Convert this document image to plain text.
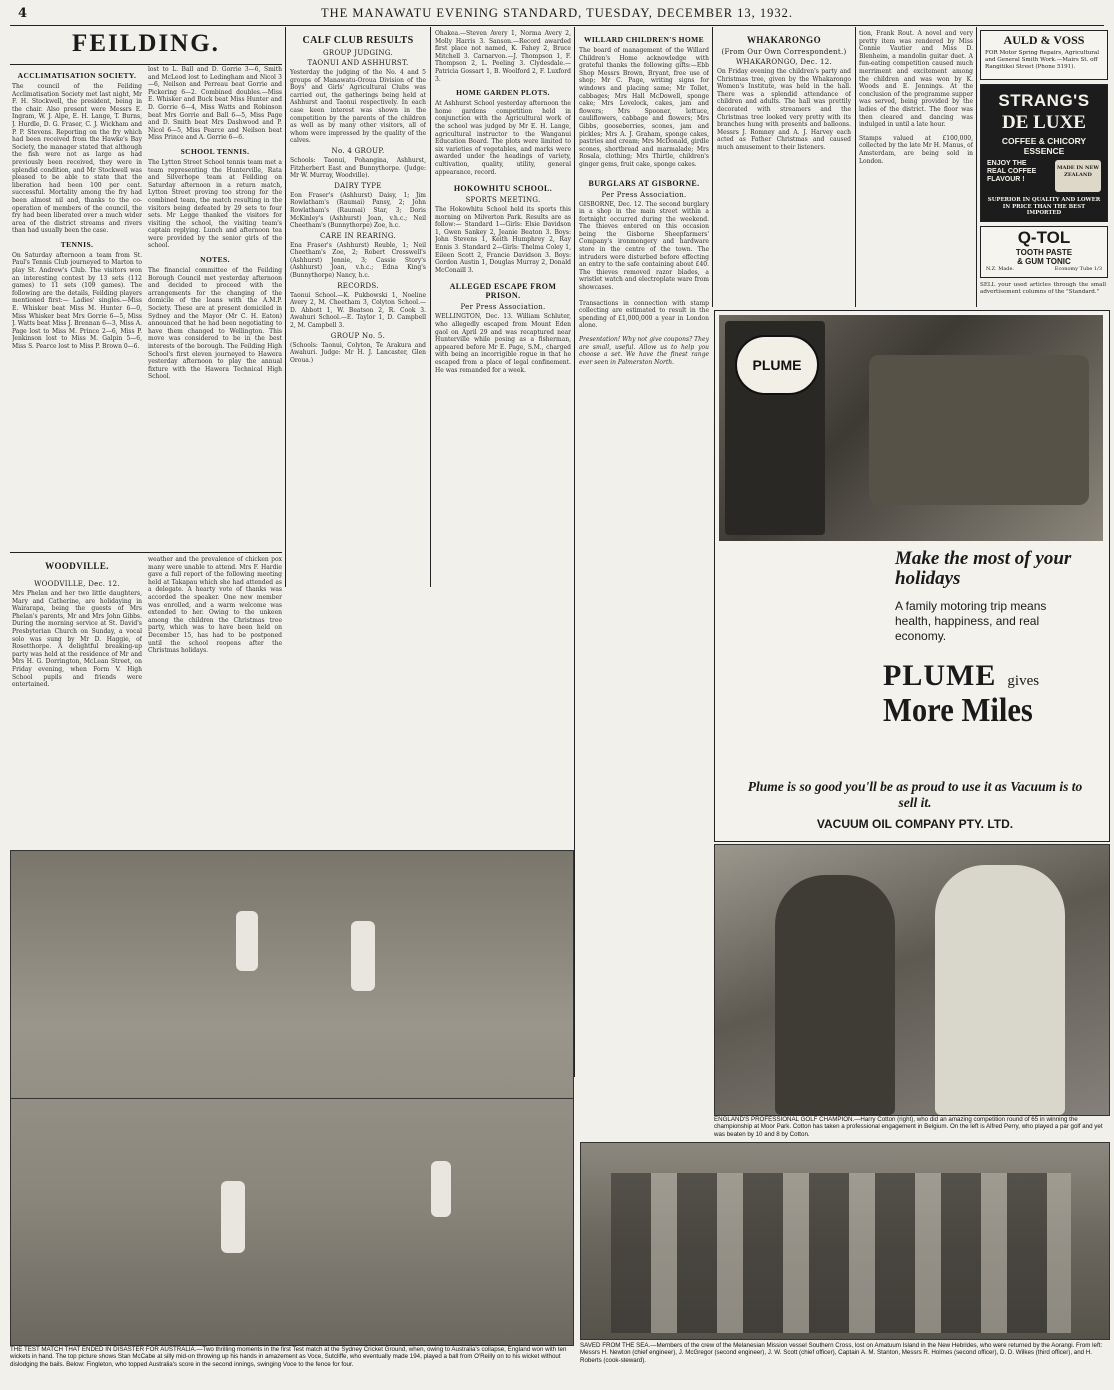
4	THE MANAWATU EVENING STANDARD, TUESDAY, DECEMBER 13, 1932.
FEILDING.
ACCLIMATISATION SOCIETY.

The council of the Feilding Acclimatisation Society met last night, Mr F. H. Stockwell, the president, being in the chair. Also present were Messrs E. Ingram, W. J. Alpe, E. H. Lange, T. Burns, J. Hurdle, D. G. Fraser, C. J. Wickham and P. P. Stevens. Reporting on the fry which had been received from the Hawke's Bay Society, the manager stated that although the fish were not as large as had previously been received, they were in splendid condition, and Mr Stockwell was pleased to be able to state that the liberation had been 100 per cent. successful. Mortality among the fry had been almost nil and, thanks to the co-operation of members of the council, the fry had been liberated over a much wider area of the district streams and rivers than had usually been the case.

TENNIS.

On Saturday afternoon a team from St. Paul's Tennis Club journeyed to Marton to play St. Andrew's Club. The visitors won an interesting contest by 13 sets (112 games) to 11 sets (109 games). The following are the details, Feilding players mentioned first:— Ladies' singles.—Miss E. Whisker beat Miss M. Hunter 6—0, Miss Whisker beat Mrs Gorrie 6—5, Miss J. Watts beat Miss J. Brennan 6—3, Miss A. Page lost to Miss M. Prince 2—6, Miss P. Jenkinson lost to Miss M. Galpin 5—6, Miss S. Pearce lost to Miss P. Brown 0—6.

lost to L. Ball and D. Gorrie 3—6, Smith and McLeod lost to Ledingham and Nicol 3—6, Neilson and Perreau beat Gorrie and Pickering 6—2. Combined doubles.—Miss E. Whisker and Buck beat Miss Hunter and D. Gorrie 6—4, Miss Watts and Robinson beat Mrs Gorrie and Ball 6—5, Miss Page and D. Smith beat Mrs Dashwood and P. Nicol 6—5, Miss Pearce and Neilson beat Miss Prince and A. Gorrie 6—6.

SCHOOL TENNIS.

The Lytton Street School tennis team met a team representing the Hunterville, Rata and Silverhope team at Feilding on Saturday afternoon in a return match, Lytton Street proving too strong for the combined team, the match resulting in the visitors being defeated by 29 sets to four sets. Mr Legge thanked the visitors for visiting the school, the visiting team's captain replying. Lunch and afternoon tea were provided by the senior girls of the school.

NOTES.

The financial committee of the Feilding Borough Council met yesterday afternoon and decided to proceed with the arrangements for the changing of the domicile of the loans with the A.M.P. Society. These are at present domiciled in Sydney and the Mayor (Mr C. H. Eaton) announced that he had been negotiating to have them changed to Wellington. This move was considered to be in the best interests of the borough. The Feilding High School's first eleven journeyed to Hawera yesterday afternoon to play the annual fixture with the Hawera Technical High School.

WOODVILLE.
WOODVILLE, Dec. 12.

Mrs Phelan and her two little daughters, Mary and Catherine, are holidaying in Wairarapa, being the guests of Mrs Phelan's parents, Mr and Mrs John Gibbs. During the morning service at St. David's Presbyterian Church on Sunday, a vocal solo was sung by Mr D. Haggie, of Rosetthorpe. A delightful breaking-up party was held at the residence of Mr and Mrs H. G. Dorrington, McLean Street, on Friday evening, when Form V. High School pupils and friends were entertained.

weather and the prevalence of chicken pox many were unable to attend. Mrs F. Hardie gave a full report of the following meeting held at Takapau which she had attended as a delegate. A hearty vote of thanks was accorded the speaker. One new member was enrolled, and a warm welcome was extended to her. Owing to the unkeen among the children the Christmas tree party, which was to have been held on December 15, has had to be postponed until the school reopens after the Christmas holidays.

CALF CLUB RESULTS
GROUP JUDGING.
TAONUI AND ASHHURST.

Yesterday the judging of the No. 4 and 5 groups of Manawatu-Oroua Division of the Boys' and Girls' Agricultural Clubs was carried out, the gatherings being held at Ashhurst and Taonui respectively. In each case keen interest was shown in the competition by the parents of the children as well as by many other visitors, all of whom were impressed by the quality of the calves.

No. 4 GROUP.

Schools: Taonui, Pohangina, Ashhurst, Fitzherbert East and Bunnythorpe. (Judge: Mr W. Murray, Woodville).

DAIRY TYPE

Eon Fraser's (Ashhurst) Daisy, 1; Jim Rowlatham's (Raumai) Pansy, 2; John Rowlatham's (Raumai) Star, 3; Doris McKinley's (Ashhurst) Joan, v.h.c.; Neil Cheetham's (Bunnythorpe) Zoe, h.c.

CARE IN REARING.

Ena Fraser's (Ashhurst) Reuble, 1; Neil Cheetham's Zoe, 2; Robert Cresswell's (Ashhurst) Jennie, 3; Cassie Story's (Ashhurst) Joan, v.h.c.; Edna King's (Bunnythorpe) Nancy, h.c.

RECORDS.

Taonui School.—K. Pukbowski 1, Noeline Avery 2, M. Cheetham 3, Colyton School.—D. Abbott 1, W. Beatson 2, R. Cook 3. Awahuri School.—E. Taylor 1, D. Campbell 2, M. Campbell 3.

GROUP No. 5.

(Schools: Taonui, Colyton, Te Arakura and Awahuri. Judge: Mr H. J. Lancaster, Glen Oroua.)

Ohakea.—Steven Avery 1, Norma Avery 2, Molly Harris 3. Sanson.—Record awarded first place not named, K. Fahey 2, Bruce Mitchell 3. Carnarvon.—J. Thompson 1, F. Thompson 2, L. Peeling 3. Clydesdale.—Patricia Gossart 1, B. Woolford 2, F. Luxford 3.

HOME GARDEN PLOTS.

At Ashhurst School yesterday afternoon the home gardens competition held in conjunction with the Agricultural work of the school was judged by Mr E. H. Lange, agricultural instructor to the Wanganui Education Board. The plots were limited to six varieties of vegetables, and marks were awarded under the headings of variety, cultivation, quality, utility, general appearance, record.

HOKOWHITU SCHOOL.
SPORTS MEETING.

The Hokowhitu School held its sports this morning on Milverton Park. Results are as follow:— Standard 1—Girls: Elsie Davidson 1, Gwen Sankey 2, Jeanie Beaton 3. Boys: John Stevens 1, Keith Humphrey 2, Ray Ennis 3. Standard 2—Girls: Thelma Coley 1, Eileen Scott 2, Francie Davidson 3. Boys: Gordon Austin 1, Douglas Murray 2, Donald McConaill 3.

ALLEGED ESCAPE FROM PRISON.
Per Press Association.

WELLINGTON, Dec. 13. William Schluter, who allegedly escaped from Mount Eden gaol on April 29 and was recaptured near Hunterville while posing as a fisherman, appeared before Mr E. Page, S.M., charged with being an incorrigible rogue in that he escaped from a place of legal confinement. He was remanded for a week.

WILLARD CHILDREN'S HOME

The board of management of the Willard Children's Home acknowledge with grateful thanks the following gifts:—Ebb Shop Messrs Brown, Bryant, free use of shop; Mr C. Page, writing signs for windows and placing same; Mr Tollet, cabbages; Mrs Hall McDowell, sponge cake; Mrs Lovelock, cakes, jam and flowers; Mrs Spooner, lettuce, cauliflowers, cabbage and flowers; Mrs Gibbs, gooseberries, scones, jam and pickles; Mrs A. J. Graham, sponge cakes, pastries and cream; Mrs McDonald, girdle scones, shortbread and marmalade; Mrs Rosala, clothing; Mrs Thirtle, children's ginger gems, fruit cake, sponge cakes.

BURGLARS AT GISBORNE.
Per Press Association.

GISBORNE, Dec. 12. The second burglary in a shop in the main street within a fortnight occurred during the weekend. The thieves entered on this occasion being the Gisborne Sheepfarmers' Company's ironmongery and hardware store in the centre of the town. The intruders were disturbed before effecting an entry to the safe containing about £40. The thieves removed razor blades, a wristlet watch and electroplate ware from showcases.

Transactions in connection with stamp collecting are estimated to result in the spending of £1,000,000 a year in London alone.

Presentation! Why not give coupons? They are small, useful. Allow us to help you choose a set. We have the finest range ever seen in Palmerston North.

WHAKARONGO
(From Our Own Correspondent.)
WHAKARONGO, Dec. 12.

On Friday evening the children's party and Christmas tree, given by the Whakarongo Women's Institute, was held in the hall. There was a splendid attendance of children and adults. The hall was prettily decorated with streamers and the Christmas tree looked very pretty with its branches hung with presents and balloons. Messrs J. Romney and A. J. Harvey each acted as Father Christmas and caused much amusement to their listeners.

tion, Frank Rout. A novel and very pretty item was rendered by Miss Connie Vautier and Miss D. Blenheim, a mandolin guitar duet. A fun-eating competition caused much merriment and excitement among the children and was won by K. Woods and E. Jennings. At the conclusion of the programme supper was served, being provided by the ladies of the district. The floor was then cleared and dancing was indulged in until a late hour.

Stamps valued at £100,000, collected by the late Mr H. Manus, of Amsterdam, are being sold in London.

AULD & VOSS
FOR Motor Spring Repairs, Agricultural and General Smith Work.—Mairs St. off Rangitikei Street (Phone 5191).
STRANG'S
DE LUXE
COFFEE & CHICORY ESSENCE
ENJOY THE REAL COFFEE FLAVOUR !
MADE IN NEW ZEALAND
SUPERIOR IN QUALITY AND LOWER IN PRICE THAN THE BEST IMPORTED
Q-TOL
TOOTH PASTE
& GUM TONIC
N.Z. Made.	Economy Tube 1/3

SELL your used articles through the small advertisement columns of the "Standard."

PLUME
Make the most of your holidays
A family motoring trip means health, happiness, and real economy.
PLUME gives
More Miles
Plume is so good you'll be as proud to use it as Vacuum is to sell it.
VACUUM OIL COMPANY PTY. LTD.
THE TEST MATCH THAT ENDED IN DISASTER FOR AUSTRALIA.—Two thrilling moments in the first Test match at the Sydney Cricket Ground, when, owing to Australia's collapse, England won with ten wickets in hand. The top picture shows Stan McCabe at silly mid-on throwing up his hands in amazement as Voce, Sutcliffe, who eventually made 194, played a ball from O'Reilly on to his wicket without dislodging the bails. Below: Fingleton, who topped Australia's score in the second innings, swinging Voce to the fence for four.
ENGLAND'S PROFESSIONAL GOLF CHAMPION.—Harry Cotton (right), who did an amazing competition round of 65 in winning the championship at Moor Park. Cotton has taken a professional engagement in Belgium. On the left is Alfred Perry, who played a par golf and yet was beaten by 10 and 8 by Cotton.
SAVED FROM THE SEA.—Members of the crew of the Melanesian Mission vessel Southern Cross, lost on Amatuum Island in the New Hebrides, who were returned by the Aorangi. From left: Messrs H. Newton (chief engineer), J. McGregor (second engineer), J. W. Scott (chief officer), Captain A. M. Stanton, Messrs R. Holmes (second officer), D. D. Wilkes (third officer), and H. Roberts (cook-steward).
